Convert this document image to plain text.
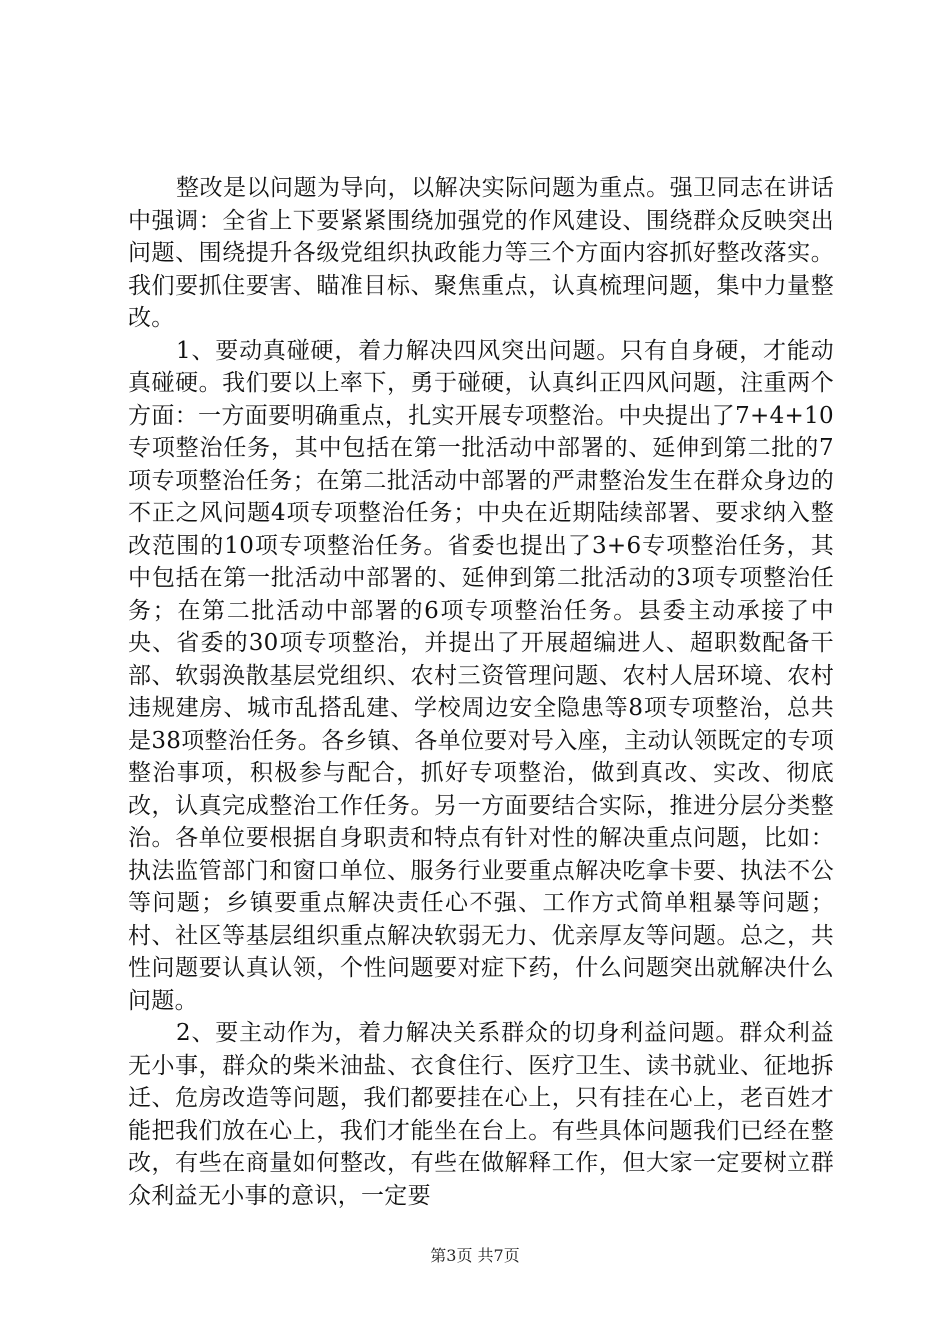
整改是以问题为导向，以解决实际问题为重点。强卫同志在讲话中强调：全省上下要紧紧围绕加强党的作风建设、围绕群众反映突出问题、围绕提升各级党组织执政能力等三个方面内容抓好整改落实。我们要抓住要害、瞄准目标、聚焦重点，认真梳理问题，集中力量整改。

1、要动真碰硬，着力解决四风突出问题。只有自身硬，才能动真碰硬。我们要以上率下，勇于碰硬，认真纠正四风问题，注重两个方面：一方面要明确重点，扎实开展专项整治。中央提出了7+4+10专项整治任务，其中包括在第一批活动中部署的、延伸到第二批的7项专项整治任务；在第二批活动中部署的严肃整治发生在群众身边的不正之风问题4项专项整治任务；中央在近期陆续部署、要求纳入整改范围的10项专项整治任务。省委也提出了3+6专项整治任务，其中包括在第一批活动中部署的、延伸到第二批活动的3项专项整治任务；在第二批活动中部署的6项专项整治任务。县委主动承接了中央、省委的30项专项整治，并提出了开展超编进人、超职数配备干部、软弱涣散基层党组织、农村三资管理问题、农村人居环境、农村违规建房、城市乱搭乱建、学校周边安全隐患等8项专项整治，总共是38项整治任务。各乡镇、各单位要对号入座，主动认领既定的专项整治事项，积极参与配合，抓好专项整治，做到真改、实改、彻底改，认真完成整治工作任务。另一方面要结合实际，推进分层分类整治。各单位要根据自身职责和特点有针对性的解决重点问题，比如：执法监管部门和窗口单位、服务行业要重点解决吃拿卡要、执法不公等问题；乡镇要重点解决责任心不强、工作方式简单粗暴等问题；村、社区等基层组织重点解决软弱无力、优亲厚友等问题。总之，共性问题要认真认领，个性问题要对症下药，什么问题突出就解决什么问题。

2、要主动作为，着力解决关系群众的切身利益问题。群众利益无小事，群众的柴米油盐、衣食住行、医疗卫生、读书就业、征地拆迁、危房改造等问题，我们都要挂在心上，只有挂在心上，老百姓才能把我们放在心上，我们才能坐在台上。有些具体问题我们已经在整改，有些在商量如何整改，有些在做解释工作，但大家一定要树立群众利益无小事的意识，一定要

第3页 共7页
